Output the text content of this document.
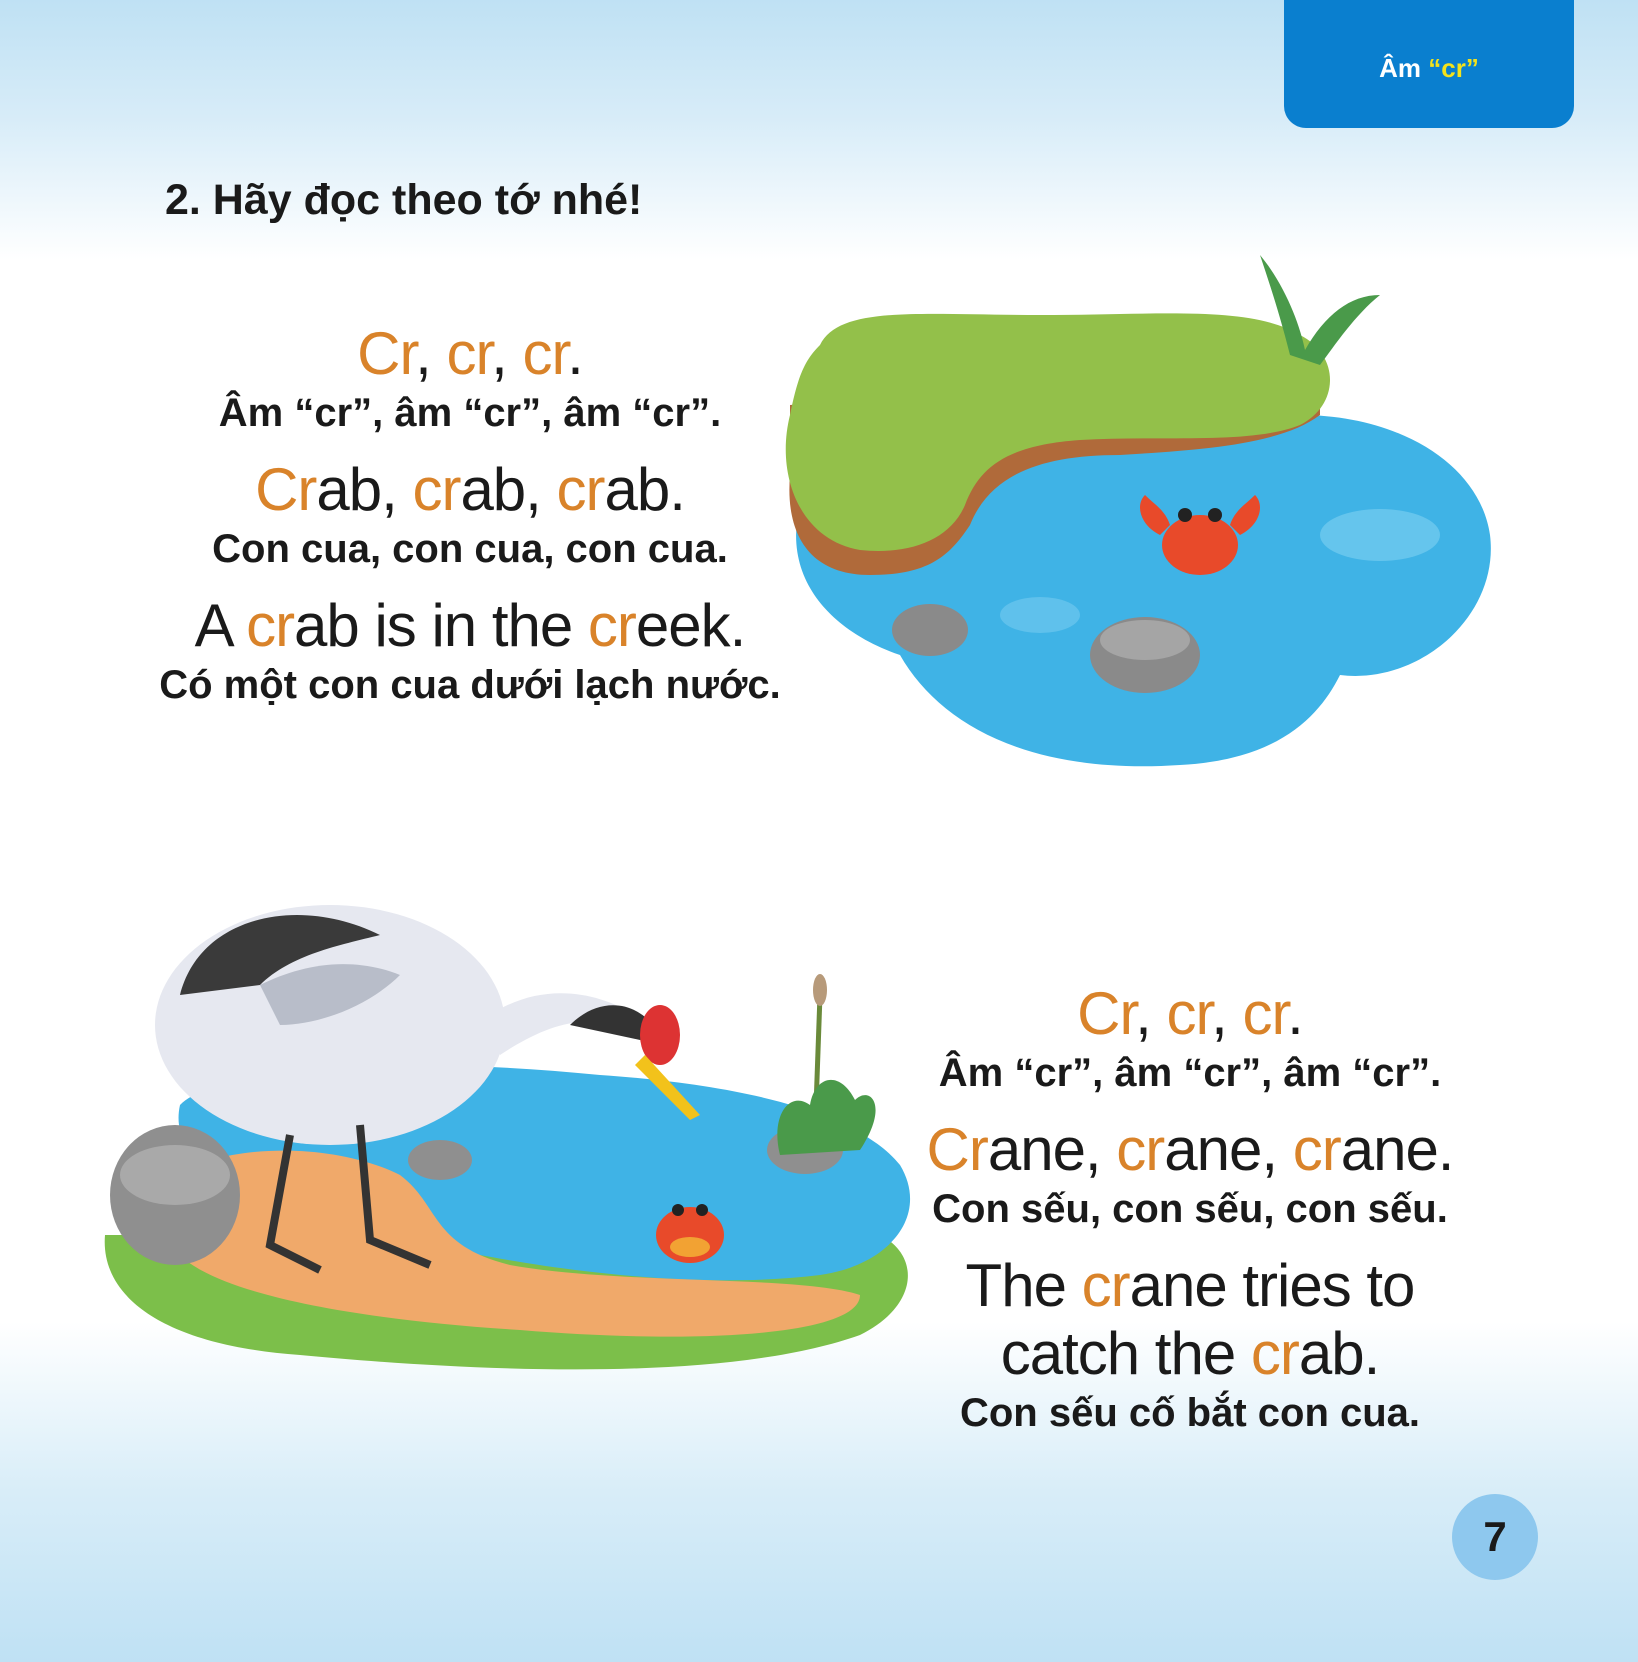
Âm
“cr”
2. Hãy đọc theo tớ nhé!

Cr, cr, cr.

Âm “cr”, âm “cr”, âm “cr”.

Crab, crab, crab.

Con cua, con cua, con cua.

A crab is in the creek.

Có một con cua dưới lạch nước.

Cr, cr, cr.

Âm “cr”, âm “cr”, âm “cr”.

Crane, crane, crane.

Con sếu, con sếu, con sếu.

The crane tries to

catch the crab.

Con sếu cố bắt con cua.

7
